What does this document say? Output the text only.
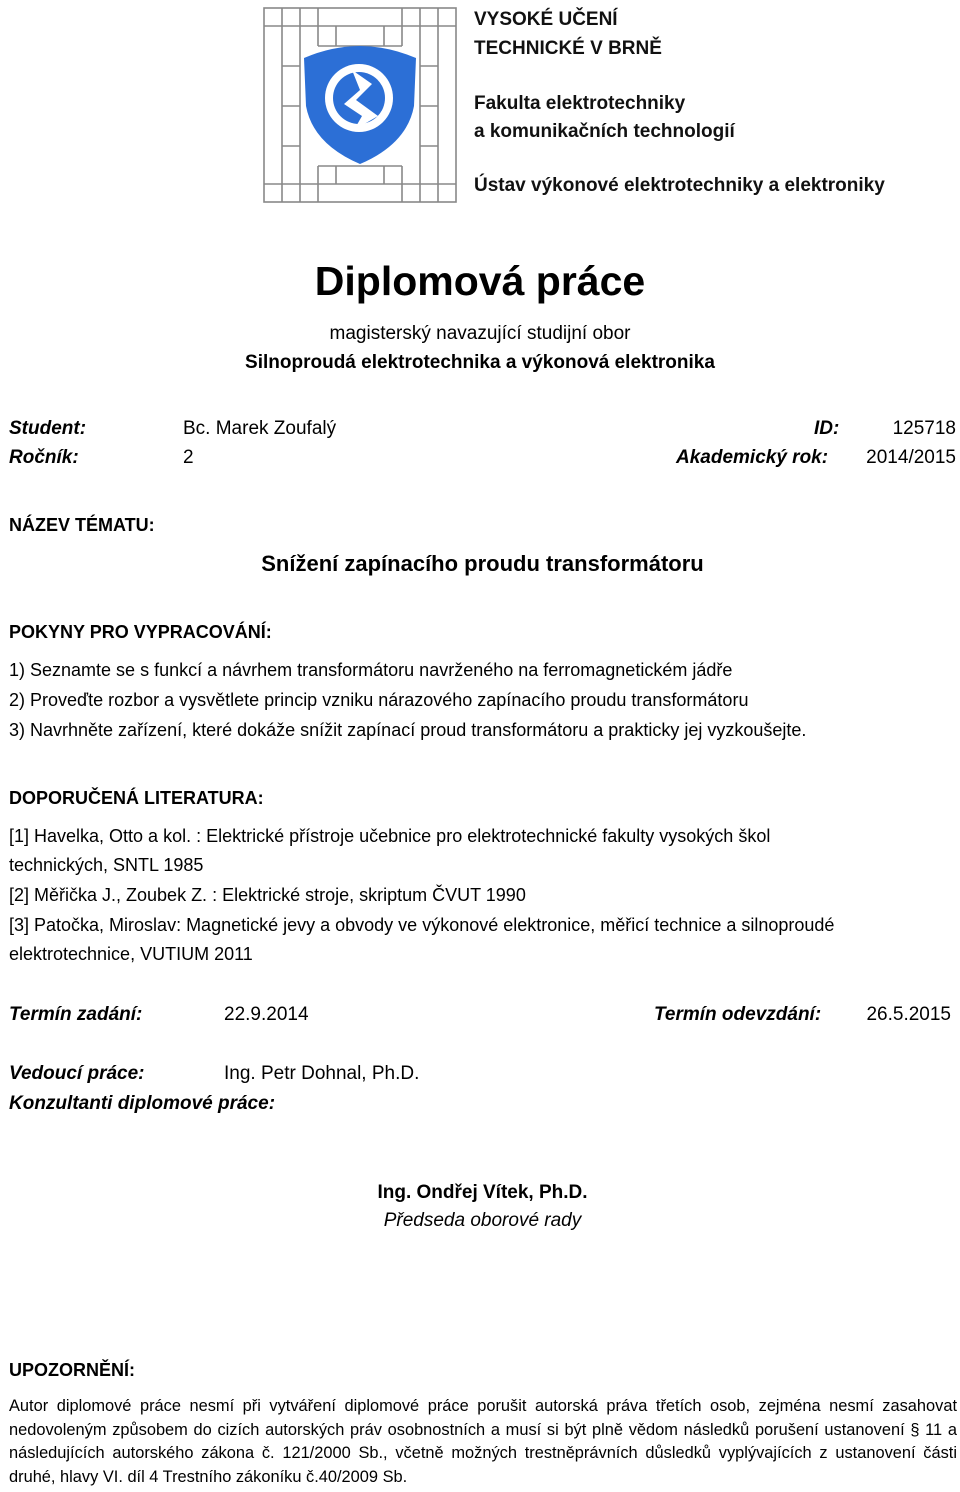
VYSOKÉ UČENÍ
TECHNICKÉ V BRNĚ
Fakulta elektrotechniky
a komunikačních technologií
Ústav výkonové elektrotechniky a elektroniky
Diplomová práce
magisterský navazující studijní obor
Silnoproudá elektrotechnika a výkonová elektronika
Student:	Bc. Marek Zoufalý	ID:	125718
Ročník:	2	Akademický rok: 2014/2015
NÁZEV TÉMATU:
Snížení zapínacího proudu transformátoru
POKYNY PRO VYPRACOVÁNÍ:
1) Seznamte se s funkcí a návrhem transformátoru navrženého na ferromagnetickém jádře
2) Proveďte rozbor a vysvětlete princip vzniku nárazového zapínacího proudu transformátoru
3) Navrhněte zařízení, které dokáže snížit zapínací proud transformátoru a prakticky jej vyzkoušejte.
DOPORUČENÁ LITERATURA:
[1] Havelka, Otto a kol. : Elektrické přístroje učebnice pro elektrotechnické fakulty vysokých škol
technických, SNTL 1985
[2] Měřička J., Zoubek Z. : Elektrické stroje, skriptum ČVUT 1990
[3] Patočka, Miroslav: Magnetické jevy a obvody ve výkonové elektronice, měřicí technice a silnoproudé
elektrotechnice, VUTIUM 2011
Termín zadání:	22.9.2014	Termín odevzdání: 26.5.2015
Vedoucí práce:	Ing. Petr Dohnal, Ph.D.
Konzultanti diplomové práce:
Ing. Ondřej Vítek, Ph.D.
Předseda oborové rady
UPOZORNĚNÍ:
Autor diplomové práce nesmí při vytváření diplomové práce porušit autorská práva třetích osob, zejména nesmí zasahovat nedovoleným způsobem do cizích autorských práv osobnostních a musí si být plně vědom následků porušení ustanovení § 11 a následujících autorského zákona č. 121/2000 Sb., včetně možných trestněprávních důsledků vyplývajících z ustanovení části druhé, hlavy VI. díl 4 Trestního zákoníku č.40/2009 Sb.
